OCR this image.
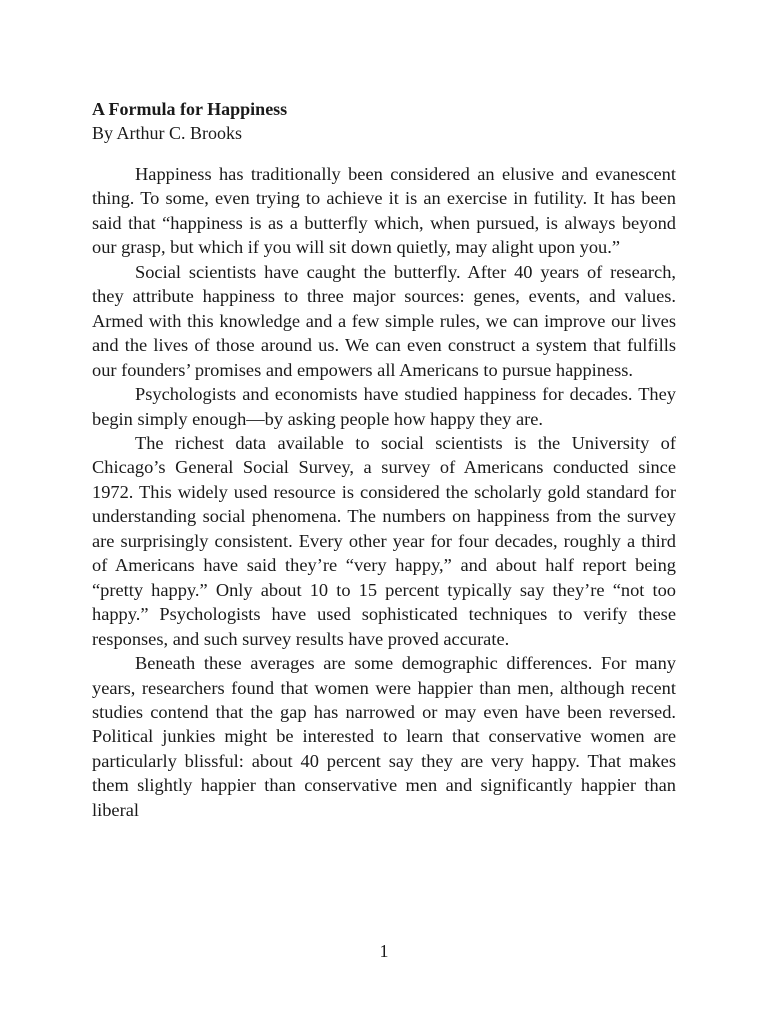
A Formula for Happiness

By Arthur C. Brooks

Happiness has traditionally been considered an elusive and evanescent thing. To some, even trying to achieve it is an exercise in futility. It has been said that “happiness is as a butterfly which, when pursued, is always beyond our grasp, but which if you will sit down quietly, may alight upon you.”

Social scientists have caught the butterfly. After 40 years of research, they attribute happiness to three major sources: genes, events, and values. Armed with this knowledge and a few simple rules, we can improve our lives and the lives of those around us. We can even construct a system that fulfills our founders’ promises and empowers all Americans to pursue happiness.

Psychologists and economists have studied happiness for decades. They begin simply enough—by asking people how happy they are.

The richest data available to social scientists is the University of Chicago’s General Social Survey, a survey of Americans conducted since 1972. This widely used resource is considered the scholarly gold standard for understanding social phenomena. The numbers on happiness from the survey are surprisingly consistent. Every other year for four decades, roughly a third of Americans have said they’re “very happy,” and about half report being “pretty happy.” Only about 10 to 15 percent typically say they’re “not too happy.” Psychologists have used sophisticated techniques to verify these responses, and such survey results have proved accurate.

Beneath these averages are some demographic differences. For many years, researchers found that women were happier than men, although recent studies contend that the gap has narrowed or may even have been reversed. Political junkies might be interested to learn that conservative women are particularly blissful: about 40 percent say they are very happy. That makes them slightly happier than conservative men and significantly happier than liberal

1
